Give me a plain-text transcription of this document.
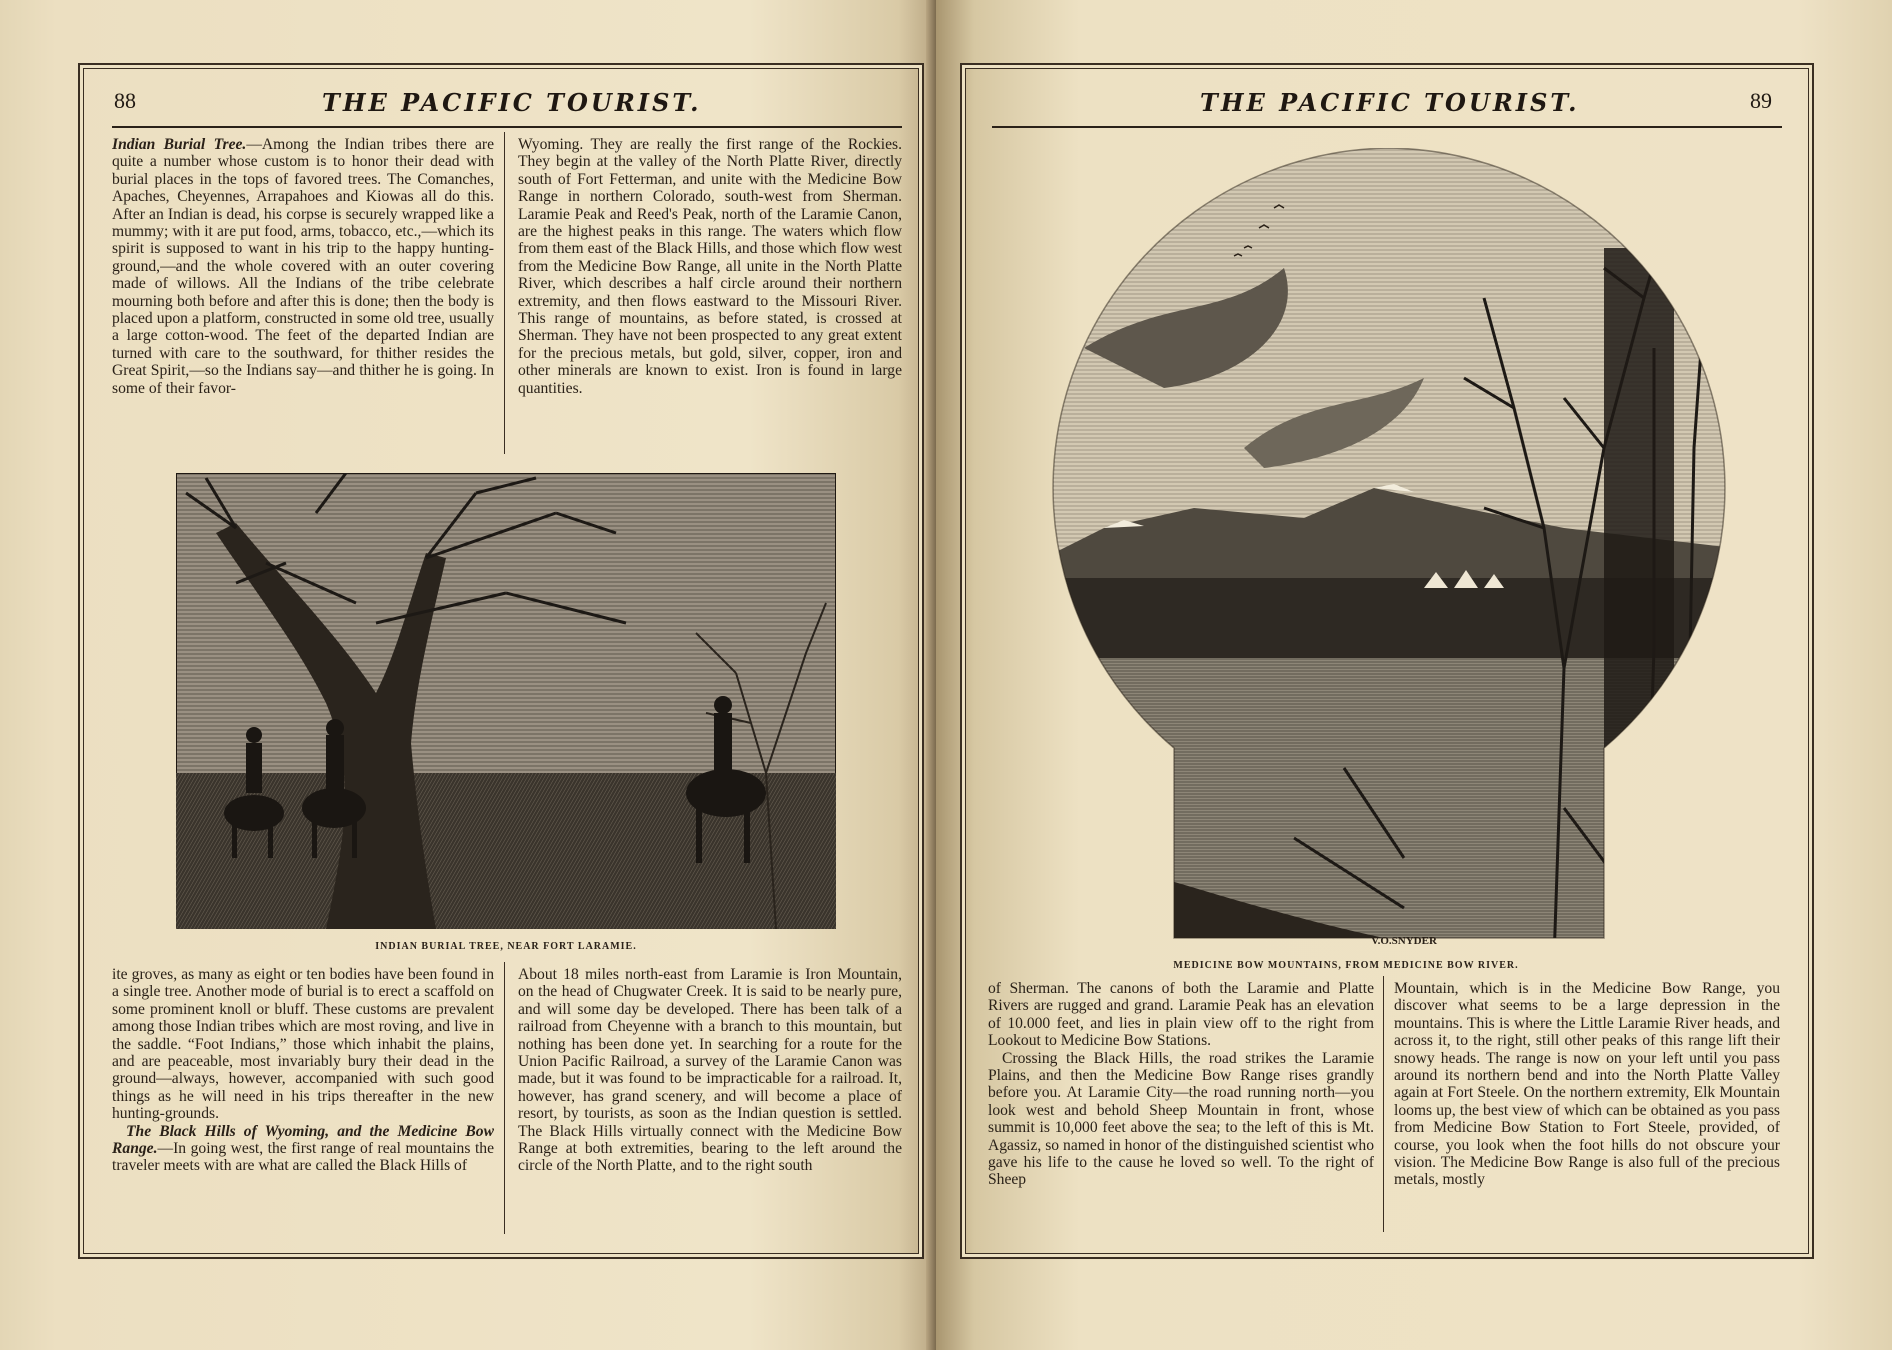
88	THE PACIFIC TOURIST.

Indian Burial Tree.—Among the Indian tribes there are quite a number whose custom is to honor their dead with burial places in the tops of favored trees. The Comanches, Apaches, Cheyennes, Arrapahoes and Kiowas all do this. After an Indian is dead, his corpse is securely wrapped like a mummy; with it are put food, arms, tobacco, etc.,—which its spirit is supposed to want in his trip to the happy hunting-ground,—and the whole covered with an outer covering made of willows. All the Indians of the tribe celebrate mourning both before and after this is done; then the body is placed upon a platform, constructed in some old tree, usually a large cotton-wood. The feet of the departed Indian are turned with care to the southward, for thither resides the Great Spirit,—so the Indians say—and thither he is going. In some of their favor-

Wyoming. They are really the first range of the Rockies. They begin at the valley of the North Platte River, directly south of Fort Fetterman, and unite with the Medicine Bow Range in northern Colorado, south-west from Sherman. Laramie Peak and Reed's Peak, north of the Laramie Canon, are the highest peaks in this range. The waters which flow from them east of the Black Hills, and those which flow west from the Medicine Bow Range, all unite in the North Platte River, which describes a half circle around their northern extremity, and then flows eastward to the Missouri River. This range of mountains, as before stated, is crossed at Sherman. They have not been prospected to any great extent for the precious metals, but gold, silver, copper, iron and other minerals are known to exist. Iron is found in large quantities.

INDIAN BURIAL TREE, NEAR FORT LARAMIE.

ite groves, as many as eight or ten bodies have been found in a single tree. Another mode of burial is to erect a scaffold on some prominent knoll or bluff. These customs are prevalent among those Indian tribes which are most roving, and live in the saddle. “Foot Indians,” those which inhabit the plains, and are peaceable, most invariably bury their dead in the ground—always, however, accompanied with such good things as he will need in his trips thereafter in the new hunting-grounds.

The Black Hills of Wyoming, and the Medicine Bow Range.—In going west, the first range of real mountains the traveler meets with are what are called the Black Hills of

About 18 miles north-east from Laramie is Iron Mountain, on the head of Chugwater Creek. It is said to be nearly pure, and will some day be developed. There has been talk of a railroad from Cheyenne with a branch to this mountain, but nothing has been done yet. In searching for a route for the Union Pacific Railroad, a survey of the Laramie Canon was made, but it was found to be impracticable for a railroad. It, however, has grand scenery, and will become a place of resort, by tourists, as soon as the Indian question is settled. The Black Hills virtually connect with the Medicine Bow Range at both extremities, bearing to the left around the circle of the North Platte, and to the right south

THE PACIFIC TOURIST.	89
V.O.SNYDER
MEDICINE BOW MOUNTAINS, FROM MEDICINE BOW RIVER.

of Sherman. The canons of both the Laramie and Platte Rivers are rugged and grand. Laramie Peak has an elevation of 10.000 feet, and lies in plain view off to the right from Lookout to Medicine Bow Stations.

Crossing the Black Hills, the road strikes the Laramie Plains, and then the Medicine Bow Range rises grandly before you. At Laramie City—the road running north—you look west and behold Sheep Mountain in front, whose summit is 10,000 feet above the sea; to the left of this is Mt. Agassiz, so named in honor of the distinguished scientist who gave his life to the cause he loved so well. To the right of Sheep

Mountain, which is in the Medicine Bow Range, you discover what seems to be a large depression in the mountains. This is where the Little Laramie River heads, and across it, to the right, still other peaks of this range lift their snowy heads. The range is now on your left until you pass around its northern bend and into the North Platte Valley again at Fort Steele. On the northern extremity, Elk Mountain looms up, the best view of which can be obtained as you pass from Medicine Bow Station to Fort Steele, provided, of course, you look when the foot hills do not obscure your vision. The Medicine Bow Range is also full of the precious metals, mostly
